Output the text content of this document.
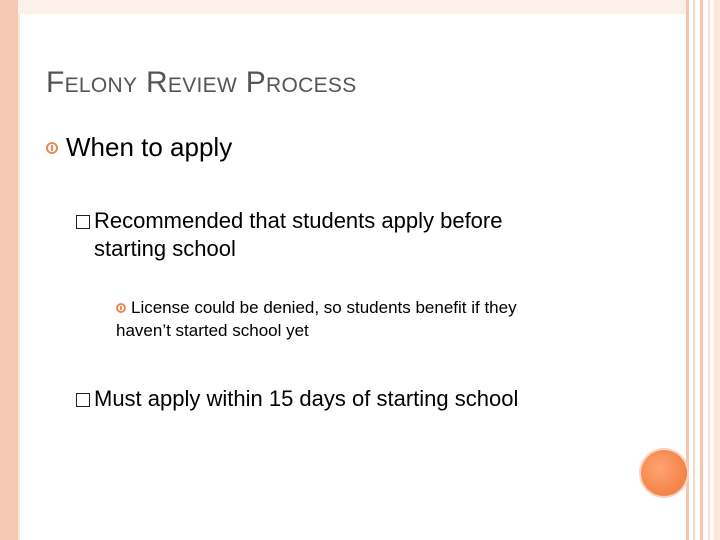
Felony Review Process
When to apply
Recommended that students apply before
starting school
License could be denied, so students benefit if they
haven’t started school yet
Must apply within 15 days of starting school
